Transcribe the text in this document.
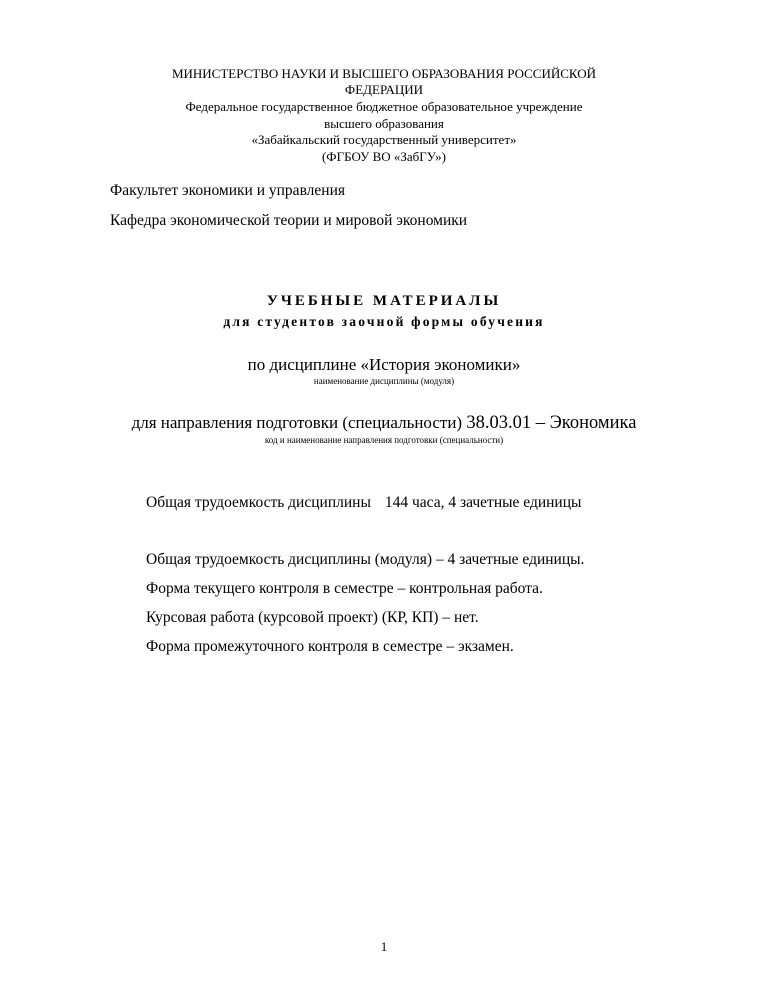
МИНИСТЕРСТВО НАУКИ И ВЫСШЕГО ОБРАЗОВАНИЯ РОССИЙСКОЙ
ФЕДЕРАЦИИ
Федеральное государственное бюджетное образовательное учреждение
высшего образования
«Забайкальский государственный университет»
(ФГБОУ ВО «ЗабГУ»)
Факультет экономики и управления
Кафедра экономической теории и мировой экономики
УЧЕБНЫЕ МАТЕРИАЛЫ
для студентов заочной формы обучения
по дисциплине «История экономики»
наименование дисциплины (модуля)
для направления подготовки (специальности) 38.03.01 – Экономика
код и наименование направления подготовки (специальности)
Общая трудоемкость дисциплины 144 часа, 4 зачетные единицы
Общая трудоемкость дисциплины (модуля) – 4 зачетные единицы.
Форма текущего контроля в семестре – контрольная работа.
Курсовая работа (курсовой проект) (КР, КП) – нет.
Форма промежуточного контроля в семестре – экзамен.
1
